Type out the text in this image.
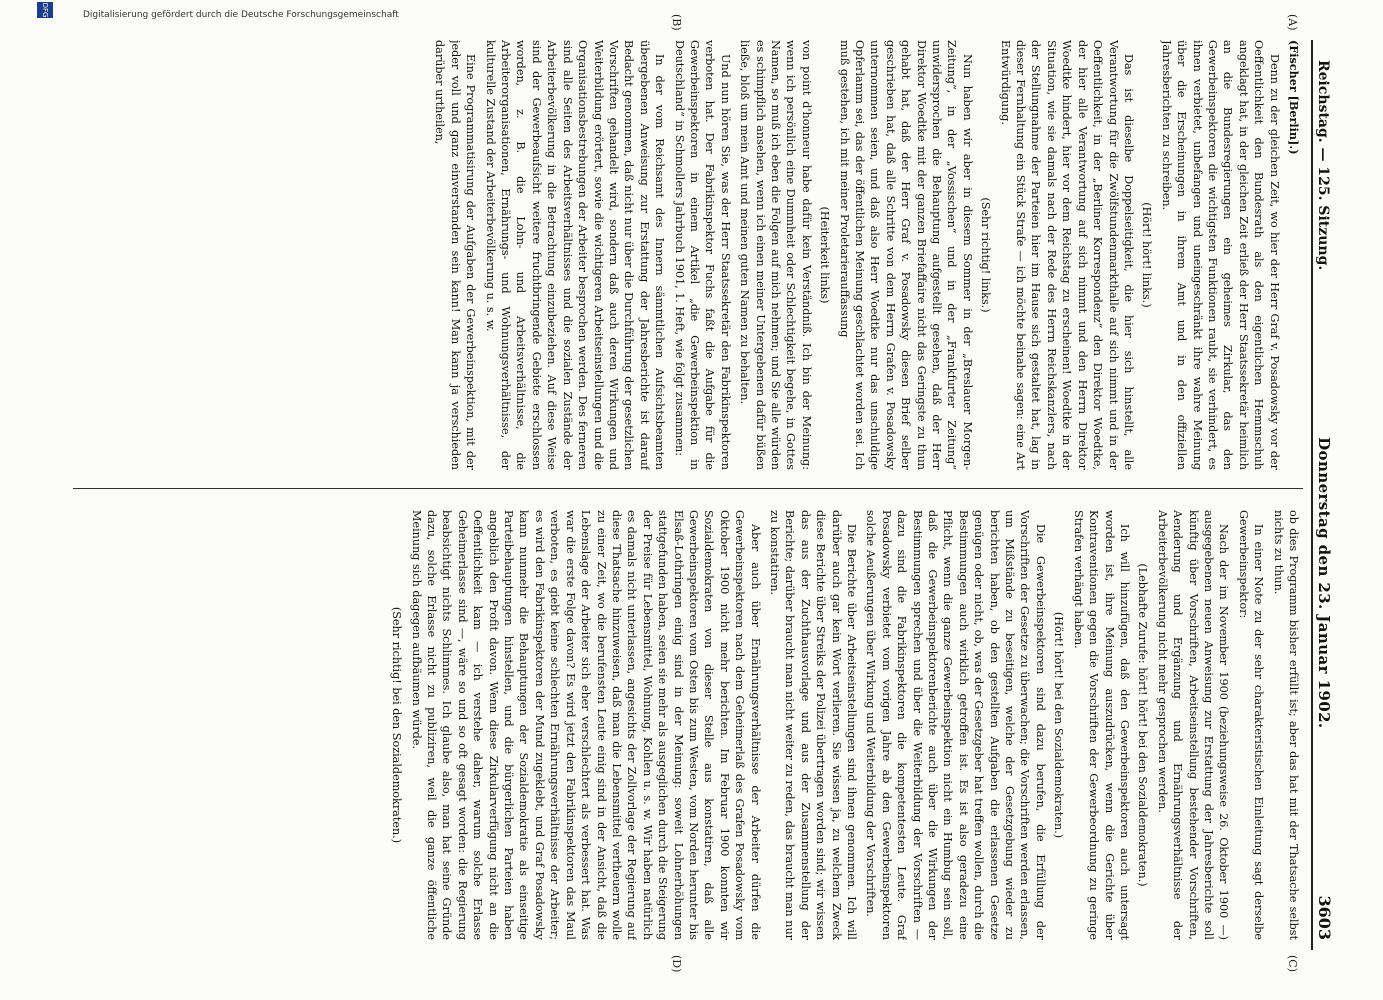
Reichstag. — 125. Sitzung.
Donnerstag den 23. Januar 1902.
3603
(A)
(B)
(C)
(D)

(Fischer [Berlin].)

Denn zu der gleichen Zeit, wo hier der Herr Graf v. Posadowsky vor der Oeffentlichkeit den Bundesrath als den eigentlichen Hemmschuh angeklagt hat, in der gleichen Zeit erließ der Herr Staatssekretär heimlich an die Bundesregierungen ein geheimes Zirkular, das den Gewerbeinspektoren die wichtigsten Funktionen raubt, sie verhindert, es ihnen verbietet, unbefangen und uneingeschränkt ihre wahre Meinung über die Erscheinungen in ihrem Amt und in den offiziellen Jahresberichten zu schreiben.

(Hört! hört! links.)

Das ist dieselbe Doppelseitigkeit, die hier sich hinstellt, alle Verantwortung für die Zwölfstundenmarkthalle auf sich nimmt und in der Oeffentlichkeit, in der „Berliner Korrespondenz“ den Direktor Woedtke, der hier alle Verantwortung auf sich nimmt und den Herrn Direktor Woedtke hindert, hier vor dem Reichstag zu erscheinen! Woedtke in der Situation, wie sie damals nach der Rede des Herrn Reichskanzlers, nach der Stellungnahme der Parteien hier im Hause sich gestaltet hat, lag in dieser Fernhaltung ein Stück Strafe — ich möchte beinahe sagen: eine Art Entwürdigung.

(Sehr richtig! links.)

Nun haben wir aber in diesem Sommer in der „Breslauer Morgen-Zeitung“, in der „Vossischen“ und in der „Frankfurter Zeitung“ unwidersprochen die Behauptung aufgestellt gesehen, daß der Herr Direktor Woedtke mit der ganzen Briefaffaire nicht das Geringste zu thun gehabt hat, daß der Herr Graf v. Posadowsky diesen Brief selber geschrieben hat, daß alle Schritte von dem Herrn Grafen v. Posadowsky unternommen seien, und daß also Herr Woedtke nur das unschuldige Opferlamm sei, das der öffentlichen Meinung geschlachtet worden sei. Ich muß gestehen, ich mit meiner Proletarierauffassung

(Heiterkeit links)

von point d'honneur habe dafür kein Verständniß. Ich bin der Meinung: wenn ich persönlich eine Dummheit oder Schlechtigkeit begehe, in Gottes Namen, so muß ich eben die Folgen auf mich nehmen; und Sie alle würden es schimpflich ansehen, wenn ich einen meiner Untergebenen dafür büßen ließe, bloß um mein Amt und meinen guten Namen zu behalten.

Und nun hören Sie, was der Herr Staatssekretär den Fabrikinspektoren verboten hat. Der Fabrikinspektor Fuchs faßt die Aufgabe für die Gewerbeinspektoren in einem Artikel „die Gewerbeinspektion in Deutschland“ in Schmollers Jahrbuch 1901, 1. Heft, wie folgt zusammen:

In der vom Reichsamt des Innern sämmtlichen Aufsichtsbeamten übergebenen Anweisung zur Erstattung der Jahresberichte ist darauf Bedacht genommen, daß nicht nur über die Durchführung der gesetzlichen Vorschriften gehandelt wird, sondern daß auch deren Wirkungen und Weiterbildung erörtert, sowie die wichtigeren Arbeitseinstellungen und die Organisationsbestrebungen der Arbeiter besprochen werden. Des ferneren sind alle Seiten des Arbeitsverhältnisses und die sozialen Zustände der Arbeiterbevölkerung in die Betrachtung einzubeziehen. Auf diese Weise sind der Gewerbeaufsicht weitere fruchtbringende Gebiete erschlossen worden, z. B. die Lohn- und Arbeitsverhältnisse, die Arbeiterorganisationen, Ernährungs- und Wohnungsverhältnisse, der kulturelle Zustand der Arbeiterbevölkerung u. s. w.

Eine Programmatisirung der Aufgaben der Gewerbeinspektion, mit der jeder voll und ganz einverstanden sein kann! Man kann ja verschieden darüber urtheilen,

ob dies Programm bisher erfüllt ist; aber das hat mit der Thatsache selbst nichts zu thun.

In einer Note zu der sehr charakteristischen Einleitung sagt derselbe Gewerbeinspektor:

Nach der im November 1900 (beziehungsweise 26. Oktober 1900 —) ausgegebenen neuen Anweisung zur Erstattung der Jahresberichte soll künftig über Vorschriften, Arbeitseinstellung bestehender Vorschriften, Aenderung und Ergänzung und Ernährungsverhältnisse der Arbeiterbevölkerung nicht mehr gesprochen werden.

(Lebhafte Zurufe: hört! hört! bei den Sozialdemokraten.)

Ich will hinzufügen, daß den Gewerbeinspektoren auch untersagt worden ist, ihre Meinung auszudrücken, wenn die Gerichte über Kontraventionen gegen die Vorschriften der Gewerbeordnung zu geringe Strafen verhängt haben.

(Hört! hört! bei den Sozialdemokraten.)

Die Gewerbeinspektoren sind dazu berufen, die Erfüllung der Vorschriften der Gesetze zu überwachen; die Vorschriften werden erlassen, um Mißstände zu beseitigen, welche der Gesetzgebung wieder zu berichten haben, ob den gestellten Aufgaben die erlassenen Gesetze genügen oder nicht, ob, was der Gesetzgeber hat treffen wollen, durch die Bestimmungen auch wirklich getroffen ist. Es ist also geradezu eine Pflicht, wenn die ganze Gewerbeinspektion nicht ein Humbug sein soll, daß die Gewerbeinspektorenberichte auch über die Wirkungen der Bestimmungen sprechen und über die Weiterbildung der Vorschriften — dazu sind die Fabrikinspektoren die kompetentesten Leute. Graf Posadowsky verbietet vom vorigen Jahre ab den Gewerbeinspektoren solche Aeußerungen über Wirkung und Weiterbildung der Vorschriften.

Die Berichte über Arbeitseinstellungen sind ihnen genommen. Ich will darüber auch gar kein Wort verlieren. Sie wissen ja, zu welchem Zweck diese Berichte über Streiks der Polizei übertragen worden sind; wir wissen das aus der Zuchthausvorlage und aus der Zusammenstellung der Berichte; darüber braucht man nicht weiter zu reden, das braucht man nur zu konstatiren.

Aber auch über Ernährungsverhältnisse der Arbeiter dürfen die Gewerbeinspektoren nach dem Geheimerlaß des Grafen Posadowsky vom Oktober 1900 nicht mehr berichten. Im Februar 1900 konnten wir Sozialdemokraten von dieser Stelle aus konstatiren, daß alle Gewerbeinspektoren vom Osten bis zum Westen, vom Norden herunter bis Elsaß-Lothringen einig sind in der Meinung: soweit Lohnerhöhungen stattgefunden haben, seien sie mehr als ausgeglichen durch die Steigerung der Preise für Lebensmittel, Wohnung, Kohlen u. s. w. Wir haben natürlich es damals nicht unterlassen, angesichts der Zollvorlage der Regierung auf diese Thatsache hinzuweisen, daß man die Lebensmittel vertheuern wolle zu einer Zeit, wo die berufensten Leute einig sind in der Ansicht, daß die Lebenslage der Arbeiter sich eher verschlechtert als verbessert hat. Was war die erste Folge davon? Es wird jetzt den Fabrikinspektoren das Maul verboten, es giebt keine schlechten Ernährungsverhältnisse der Arbeiter; es wird den Fabrikinspektoren der Mund zugeklebt, und Graf Posadowsky kann nunmehr die Behauptungen der Sozialdemokratie als einseitige Parteibehauptungen hinstellen, und die bürgerlichen Parteien haben angeblich den Profit davon. Wenn diese Zirkularverfügung nicht an die Oeffentlichkeit kam — ich verstehe daher, warum solche Erlasse Geheimerlasse sind —, wäre so und so oft gesagt worden: die Regierung beabsichtigt nichts Schlimmes. Ich glaube also, man hat seine Gründe dazu, solche Erlasse nicht zu publiziren, weil die ganze öffentliche Meinung sich dagegen aufbäumen würde.

(Sehr richtig! bei den Sozialdemokraten.)

DFG	Digitalisierung gefördert durch die Deutsche Forschungsgemeinschaft
